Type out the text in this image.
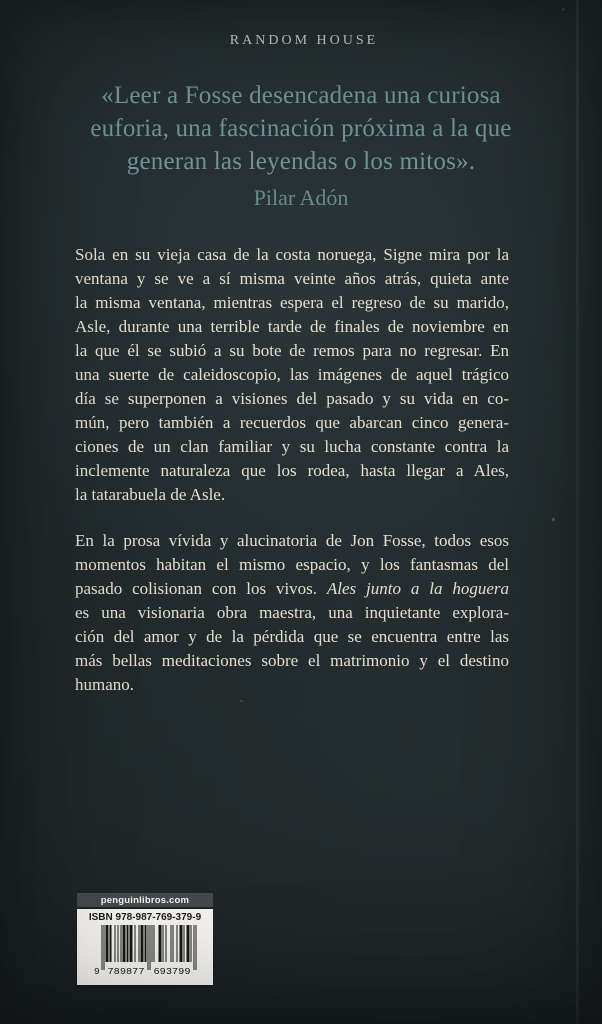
RANDOM HOUSE
«Leer a Fosse desencadena una curiosa
euforia, una fascinación próxima a la que
generan las leyendas o los mitos».
Pilar Adón
Sola en su vieja casa de la costa noruega, Signe mira por la
ventana y se ve a sí misma veinte años atrás, quieta ante
la misma ventana, mientras espera el regreso de su marido,
Asle, durante una terrible tarde de finales de noviembre en
la que él se subió a su bote de remos para no regresar. En
una suerte de caleidoscopio, las imágenes de aquel trágico
día se superponen a visiones del pasado y su vida en co-
mún, pero también a recuerdos que abarcan cinco genera-
ciones de un clan familiar y su lucha constante contra la
inclemente naturaleza que los rodea, hasta llegar a Ales,
la tatarabuela de Asle.
En la prosa vívida y alucinatoria de Jon Fosse, todos esos
momentos habitan el mismo espacio, y los fantasmas del
pasado colisionan con los vivos. Ales junto a la hoguera
es una visionaria obra maestra, una inquietante explora-
ción del amor y de la pérdida que se encuentra entre las
más bellas meditaciones sobre el matrimonio y el destino
humano.
penguinlibros.com
ISBN 978-987-769-379-9
9 789877 693799
